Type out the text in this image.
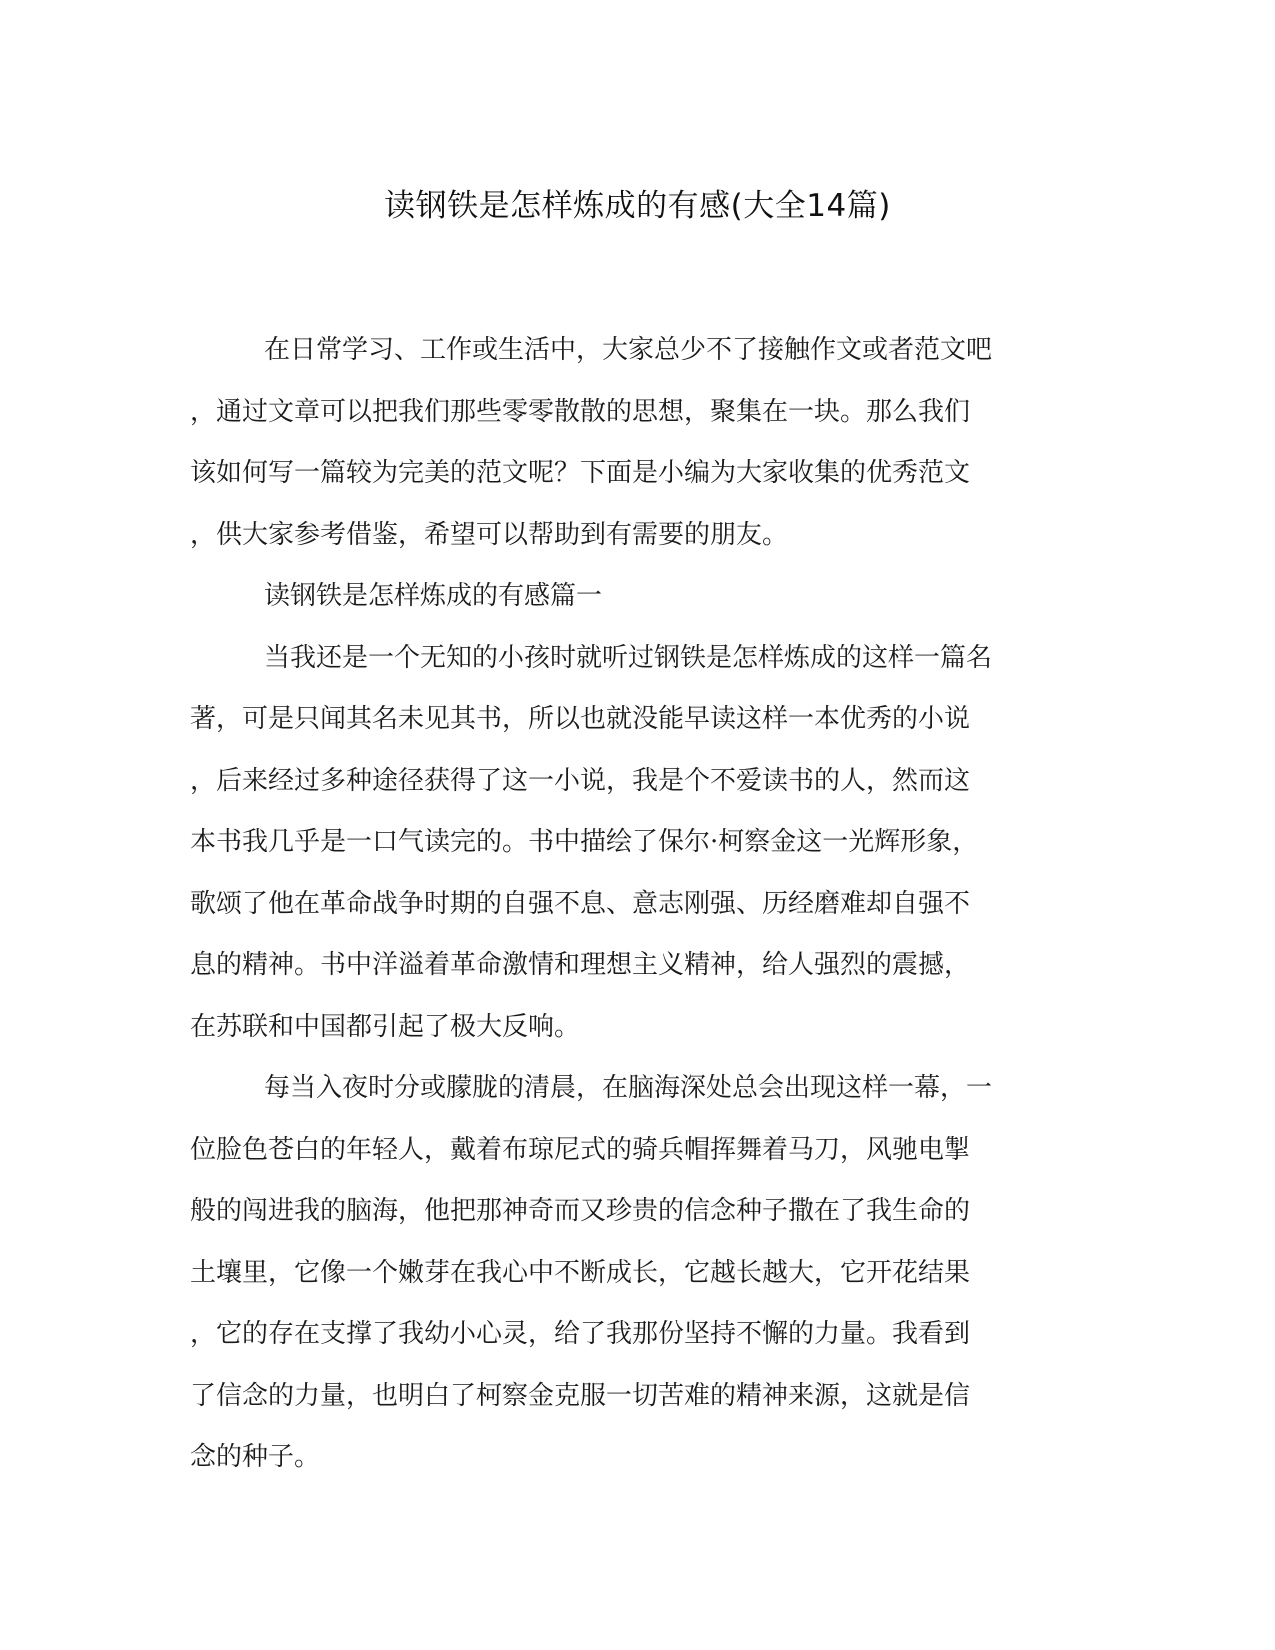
读钢铁是怎样炼成的有感(大全14篇)
在日常学习、工作或生活中，大家总少不了接触作文或者范文吧
，通过文章可以把我们那些零零散散的思想，聚集在一块。那么我们
该如何写一篇较为完美的范文呢？下面是小编为大家收集的优秀范文
，供大家参考借鉴，希望可以帮助到有需要的朋友。
读钢铁是怎样炼成的有感篇一
当我还是一个无知的小孩时就听过钢铁是怎样炼成的这样一篇名
著，可是只闻其名未见其书，所以也就没能早读这样一本优秀的小说
，后来经过多种途径获得了这一小说，我是个不爱读书的人，然而这
本书我几乎是一口气读完的。书中描绘了保尔·柯察金这一光辉形象，
歌颂了他在革命战争时期的自强不息、意志刚强、历经磨难却自强不
息的精神。书中洋溢着革命激情和理想主义精神，给人强烈的震撼，
在苏联和中国都引起了极大反响。
每当入夜时分或朦胧的清晨，在脑海深处总会出现这样一幕，一
位脸色苍白的年轻人，戴着布琼尼式的骑兵帽挥舞着马刀，风驰电掣
般的闯进我的脑海，他把那神奇而又珍贵的信念种子撒在了我生命的
土壤里，它像一个嫩芽在我心中不断成长，它越长越大，它开花结果
，它的存在支撑了我幼小心灵，给了我那份坚持不懈的力量。我看到
了信念的力量，也明白了柯察金克服一切苦难的精神来源，这就是信
念的种子。
